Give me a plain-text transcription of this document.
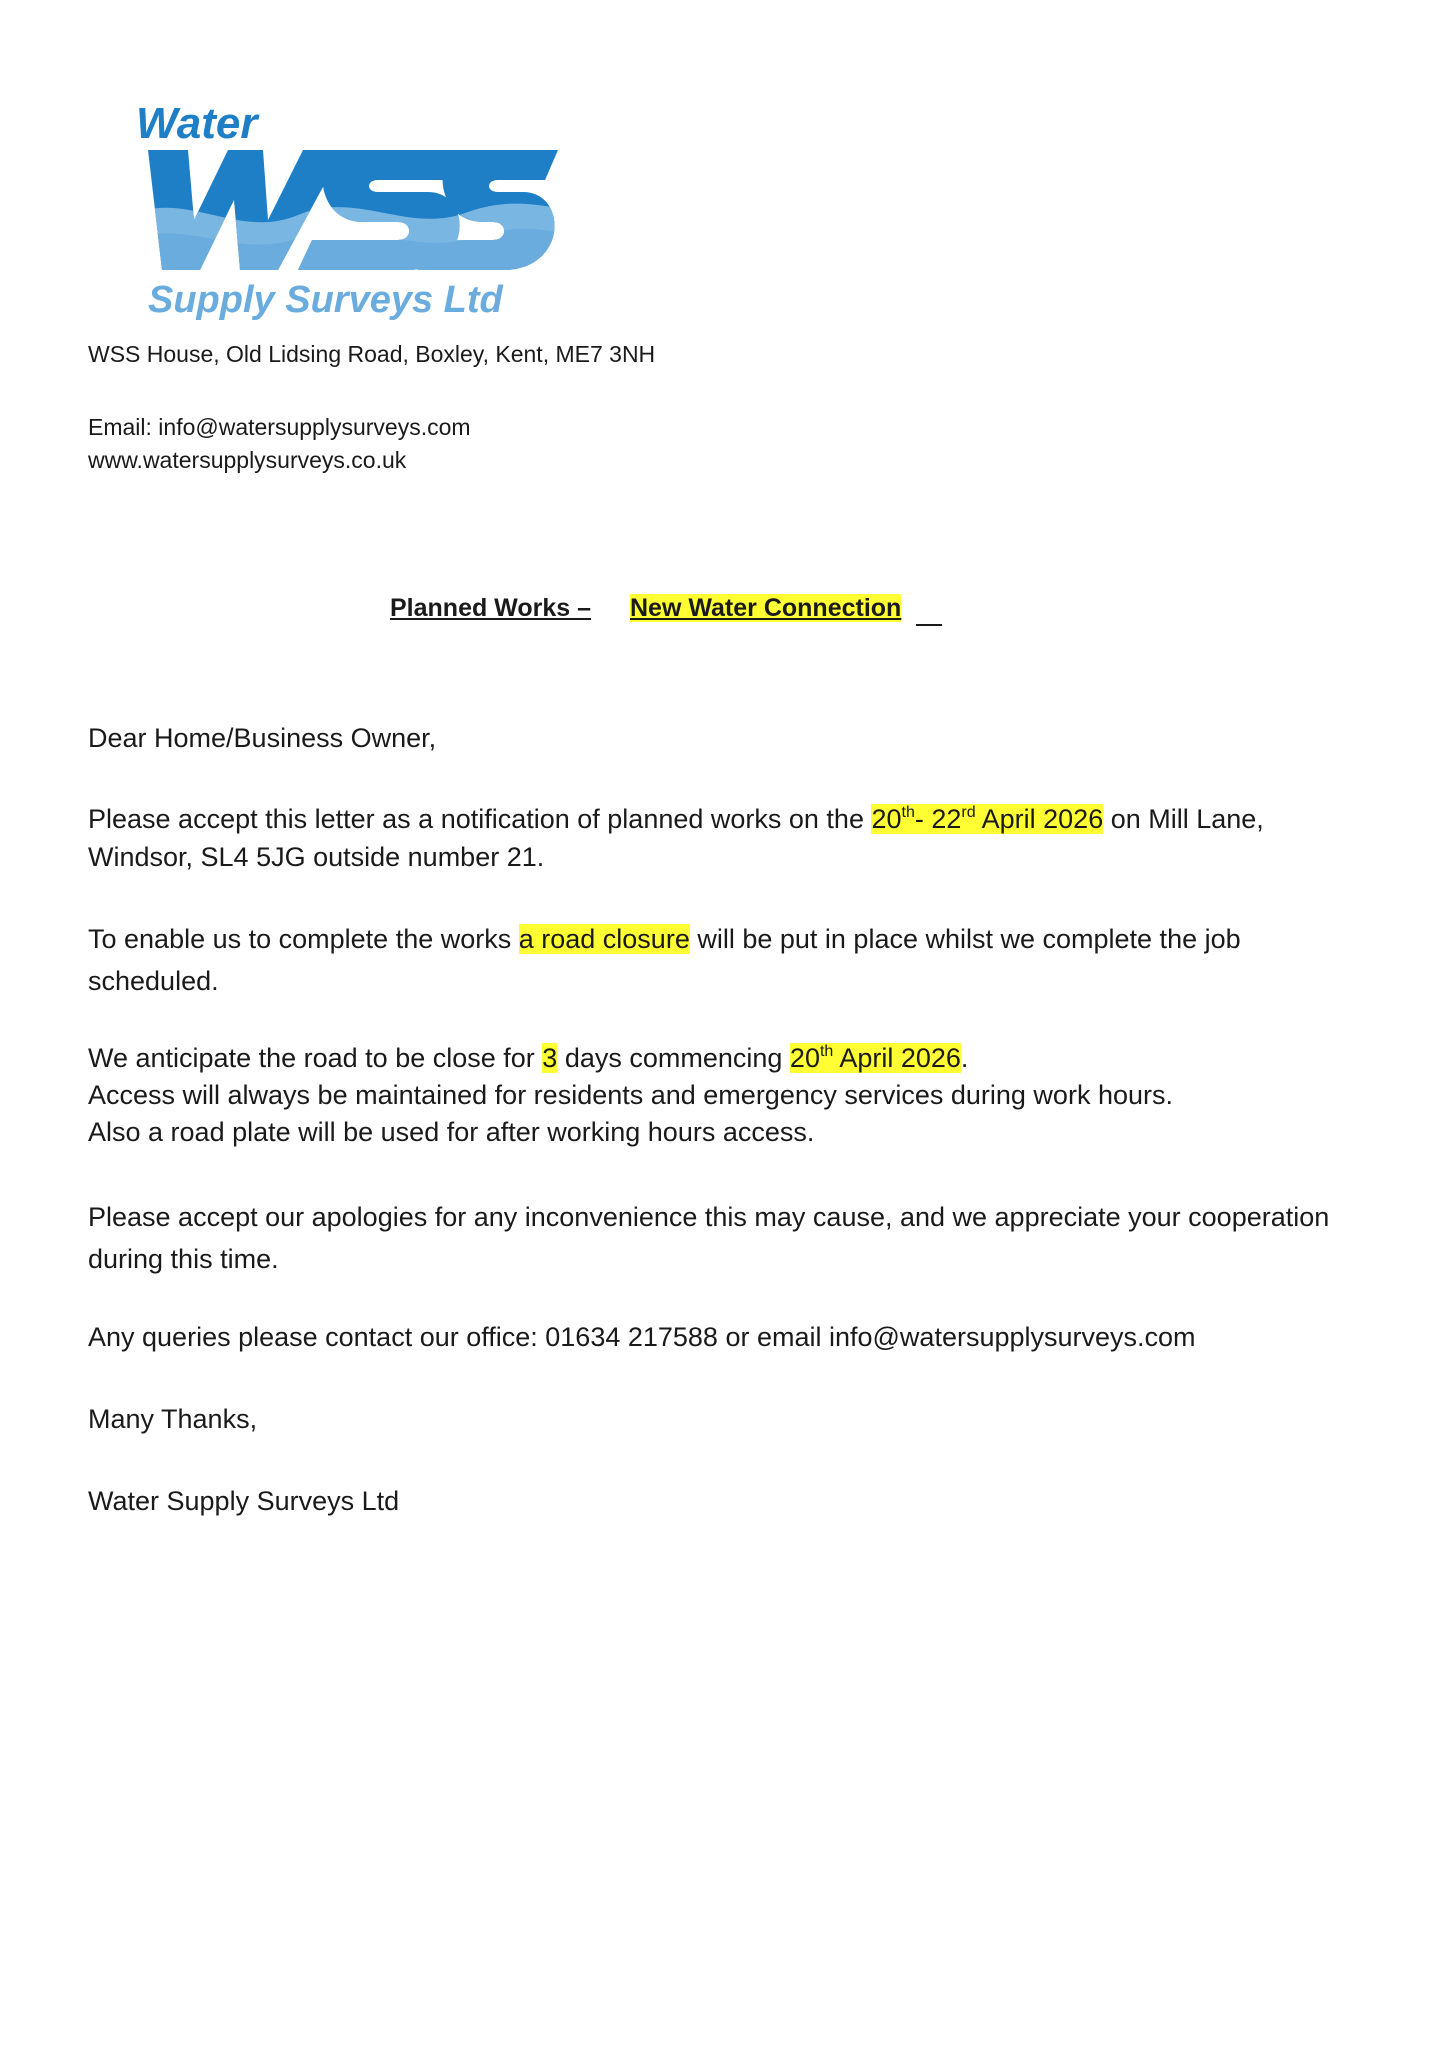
Water
Supply Surveys Ltd
WSS House, Old Lidsing Road, Boxley, Kent, ME7 3NH
Email: info@watersupplysurveys.com
www.watersupplysurveys.co.uk
Planned Works – New Water Connection
Dear Home/Business Owner,
Please accept this letter as a notification of planned works on the 20th- 22rd April 2026 on Mill Lane,
Windsor, SL4 5JG outside number 21.
To enable us to complete the works a road closure will be put in place whilst we complete the job
scheduled.
We anticipate the road to be close for 3 days commencing 20th April 2026.
Access will always be maintained for residents and emergency services during work hours.
Also a road plate will be used for after working hours access.
Please accept our apologies for any inconvenience this may cause, and we appreciate your cooperation
during this time.
Any queries please contact our office: 01634 217588 or email info@watersupplysurveys.com
Many Thanks,
Water Supply Surveys Ltd
